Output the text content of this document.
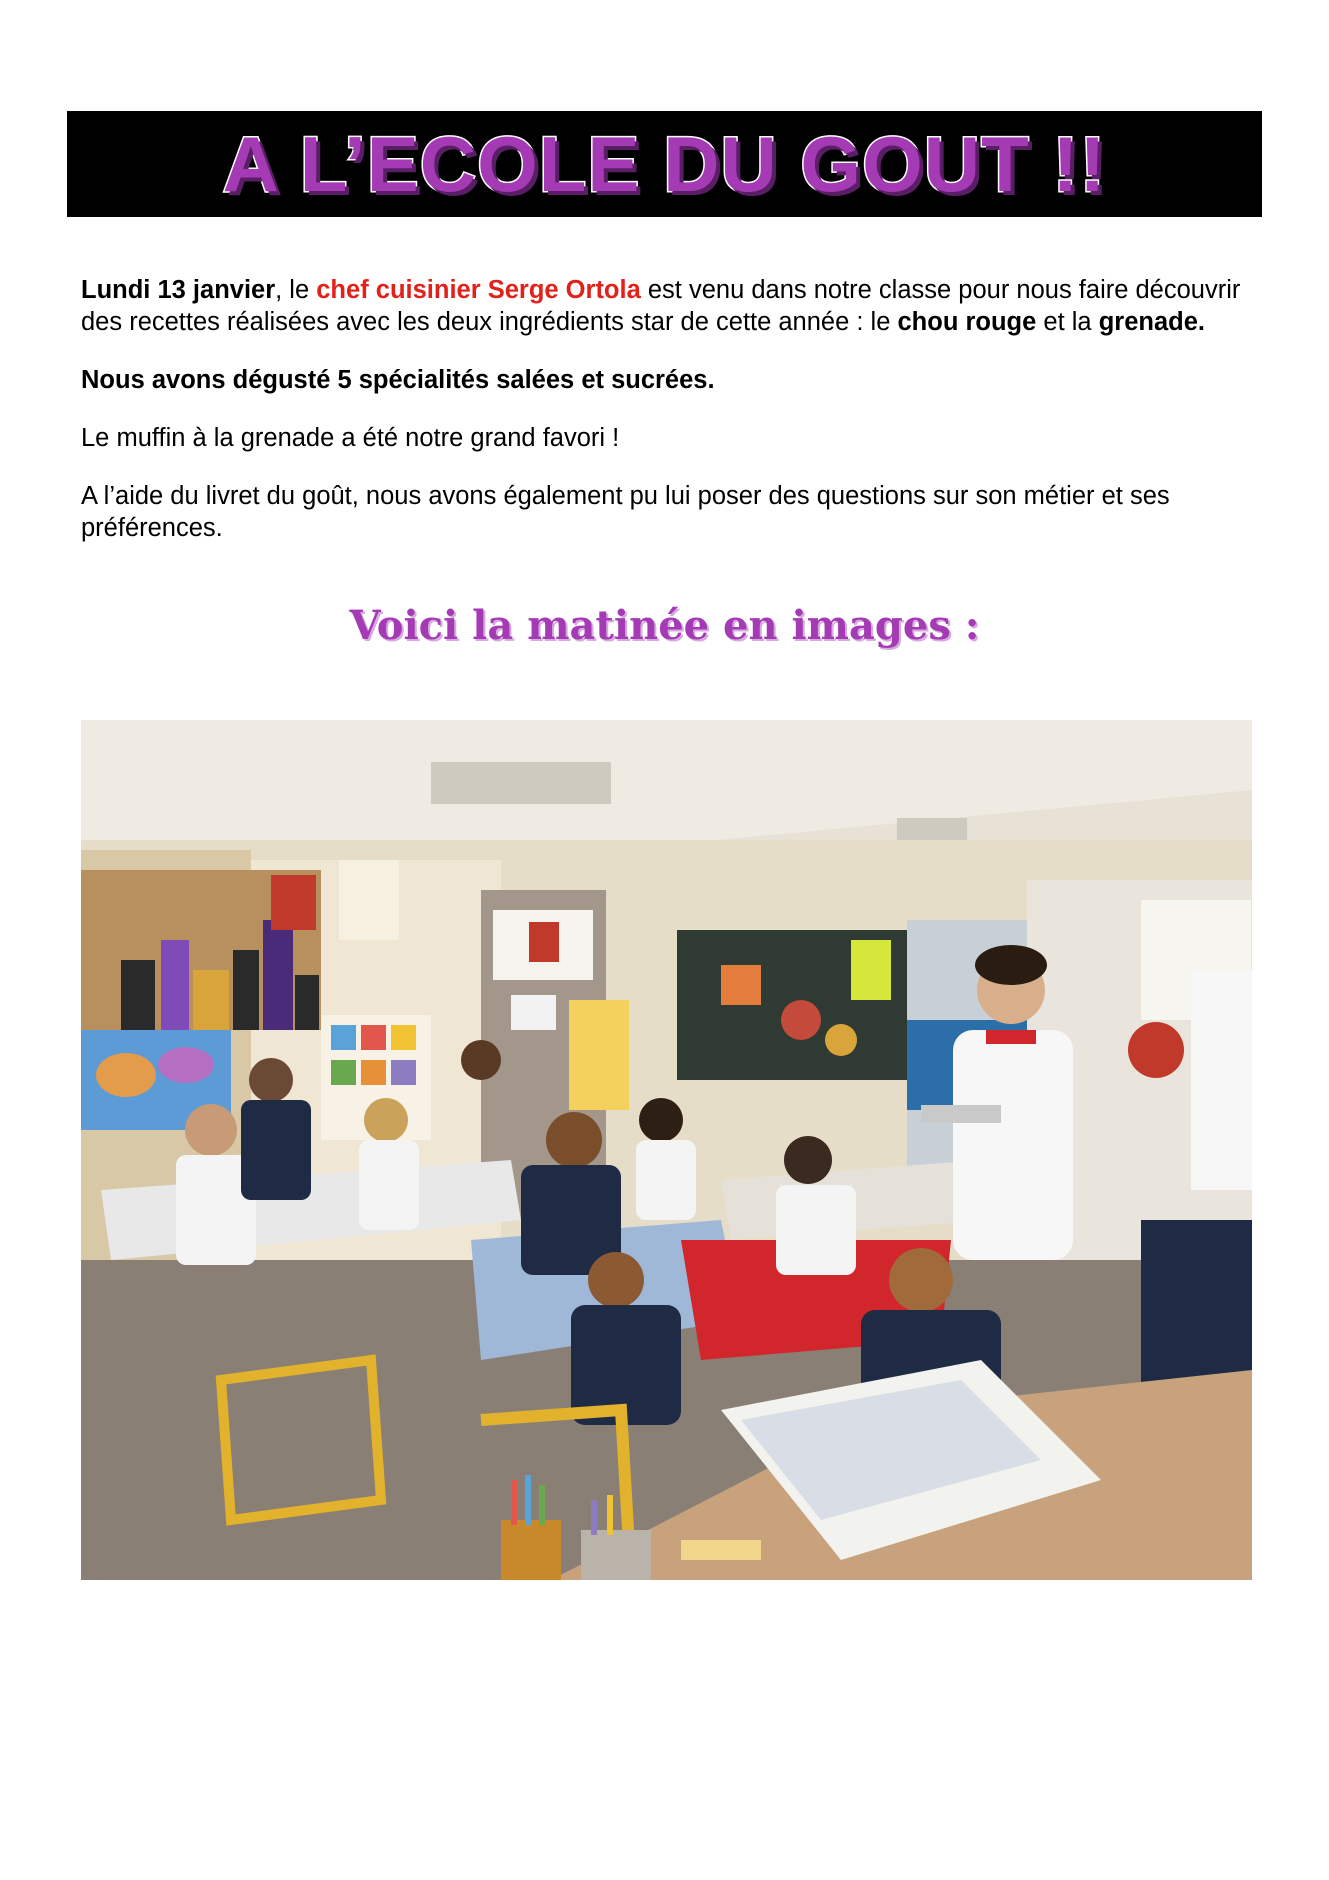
A L’ECOLE DU GOUT !!

Lundi 13 janvier, le chef cuisinier Serge Ortola est venu dans notre classe pour nous faire découvrir des recettes réalisées avec les deux ingrédients star de cette année : le chou rouge et la grenade.

Nous avons dégusté 5 spécialités salées et sucrées.

Le muffin à la grenade a été notre grand favori !

A l’aide du livret du goût, nous avons également pu lui poser des questions sur son métier et ses préférences.

Voici la matinée en images :
